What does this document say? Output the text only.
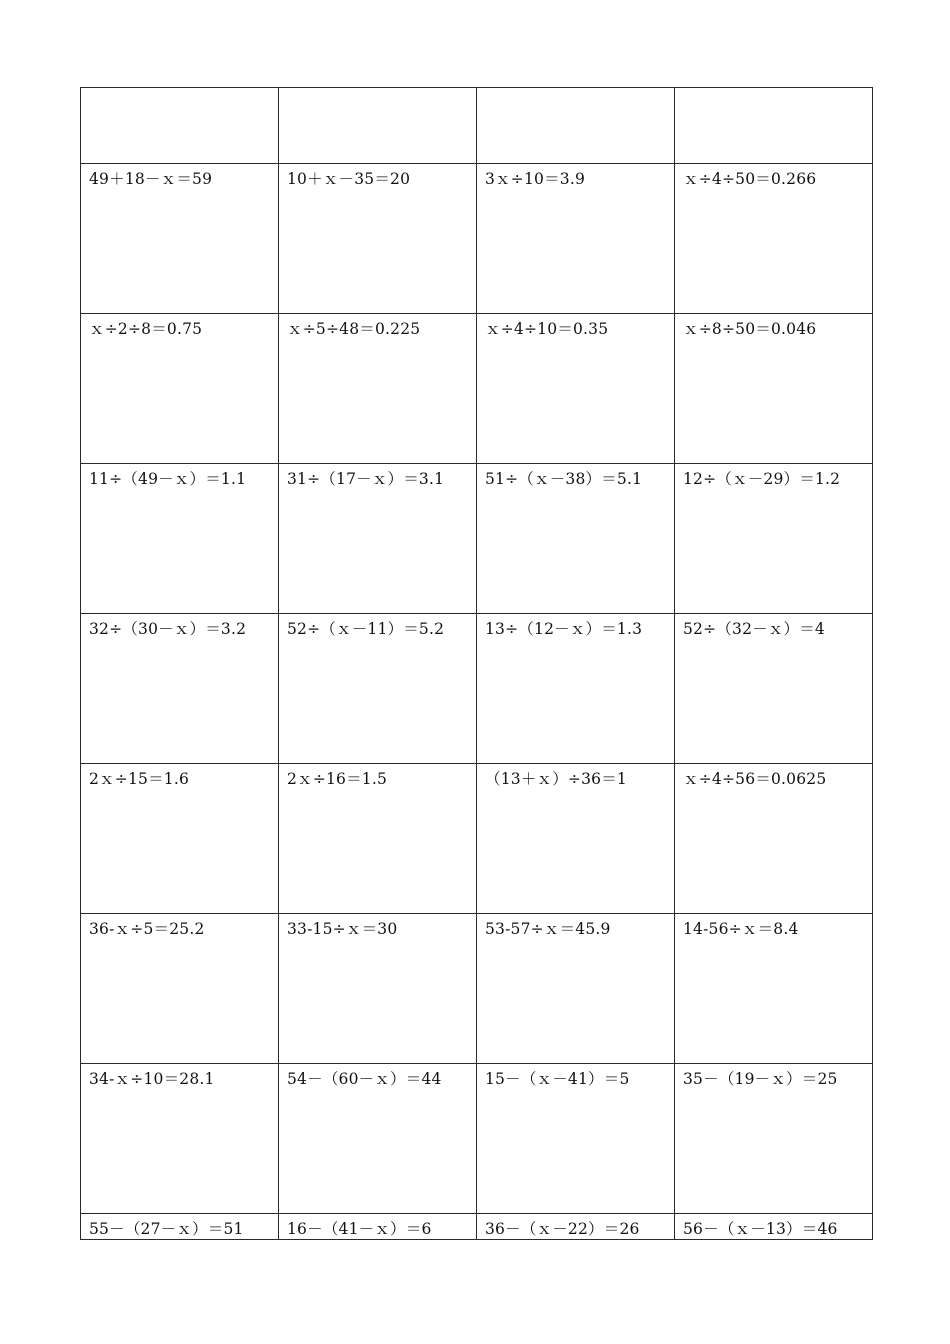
49＋18－ｘ＝59	10＋ｘ－35＝20	3ｘ÷10＝3.9	ｘ÷4÷50＝0.266

ｘ÷2÷8＝0.75	ｘ÷5÷48＝0.225	ｘ÷4÷10＝0.35	ｘ÷8÷50＝0.046

11÷（49－ｘ）＝1.1	31÷（17－ｘ）＝3.1	51÷（ｘ－38）＝5.1	12÷（ｘ－29）＝1.2

32÷（30－ｘ）＝3.2	52÷（ｘ－11）＝5.2	13÷（12－ｘ）＝1.3	52÷（32－ｘ）＝4

2ｘ÷15＝1.6	2ｘ÷16＝1.5	（13＋ｘ）÷36＝1	ｘ÷4÷56＝0.0625

36-ｘ÷5＝25.2	33-15÷ｘ＝30	53-57÷ｘ＝45.9	14-56÷ｘ＝8.4

34-ｘ÷10＝28.1	54－（60－ｘ）＝44	15－（ｘ－41）＝5	35－（19－ｘ）＝25

55－（27－ｘ）＝51	16－（41－ｘ）＝6	36－（ｘ－22）＝26	56－（ｘ－13）＝46
